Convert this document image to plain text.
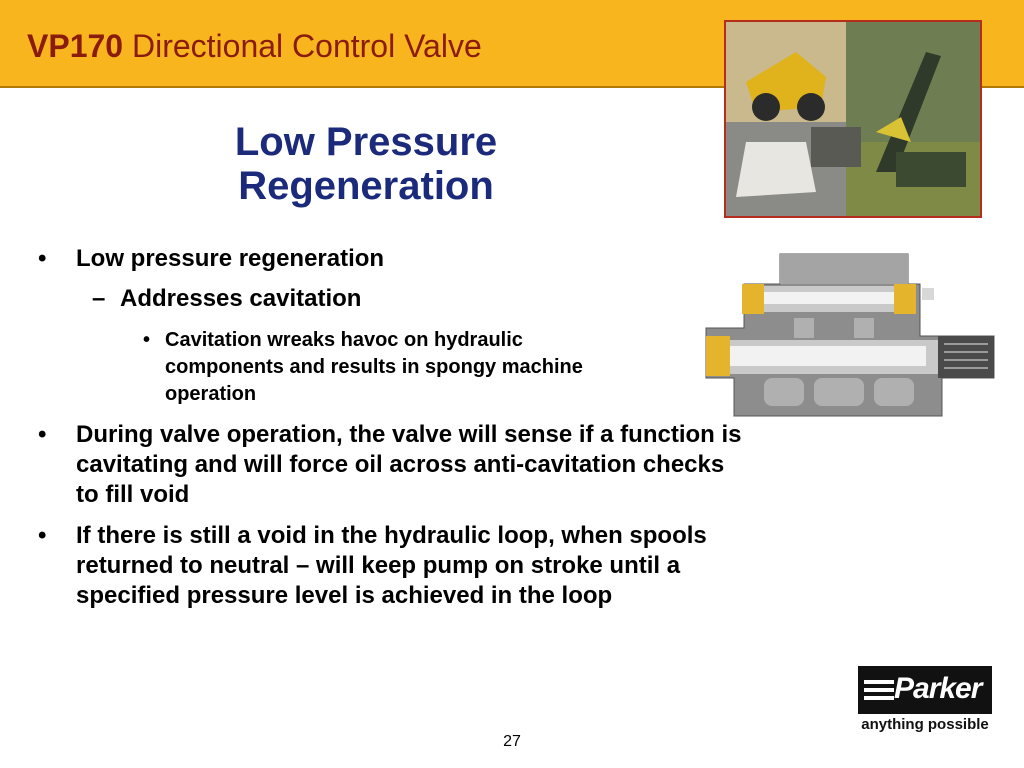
VP170 Directional Control Valve
Low Pressure
Regeneration
• Low pressure regeneration
– Addresses cavitation
• Cavitation wreaks havoc on hydraulic components and results in spongy machine operation
• During valve operation, the valve will sense if a function is cavitating and will force oil across anti-cavitation checks to fill void
• If there is still a void in the hydraulic loop, when spools returned to neutral – will keep pump on stroke until a specified pressure level is achieved in the loop
Parker
anything possible
27
